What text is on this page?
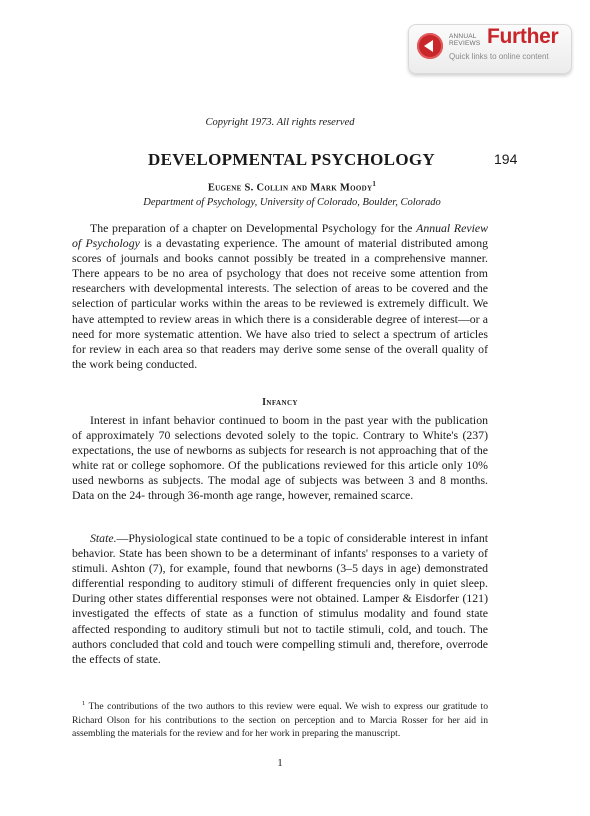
ANNUAL
REVIEWS Further
Quick links to online content
Copyright 1973. All rights reserved
DEVELOPMENTAL PSYCHOLOGY	194
Eugene S. Collin and Mark Moody$^1$
Department of Psychology, University of Colorado, Boulder, Colorado

The preparation of a chapter on Developmental Psychology for the Annual Review of Psychology is a devastating experience. The amount of material distributed among scores of journals and books cannot possibly be treated in a comprehensive manner. There appears to be no area of psychology that does not receive some attention from researchers with developmental interests. The selection of areas to be covered and the selection of particular works within the areas to be reviewed is extremely difficult. We have attempted to review areas in which there is a considerable degree of interest—or a need for more systematic attention. We have also tried to select a spectrum of articles for review in each area so that readers may derive some sense of the overall quality of the work being conducted.

Infancy

Interest in infant behavior continued to boom in the past year with the publication of approximately 70 selections devoted solely to the topic. Contrary to White's (237) expectations, the use of newborns as subjects for research is not approaching that of the white rat or college sophomore. Of the publications reviewed for this article only 10% used newborns as subjects. The modal age of subjects was between 3 and 8 months. Data on the 24- through 36-month age range, however, remained scarce.

State.—Physiological state continued to be a topic of considerable interest in infant behavior. State has been shown to be a determinant of infants' responses to a variety of stimuli. Ashton (7), for example, found that newborns (3–5 days in age) demonstrated differential responding to auditory stimuli of different frequencies only in quiet sleep. During other states differential responses were not obtained. Lamper & Eisdorfer (121) investigated the effects of state as a function of stimulus modality and found state affected responding to auditory stimuli but not to tactile stimuli, cold, and touch. The authors concluded that cold and touch were compelling stimuli and, therefore, overrode the effects of state.

$^1$ The contributions of the two authors to this review were equal. We wish to express our gratitude to Richard Olson for his contributions to the section on perception and to Marcia Rosser for her aid in assembling the materials for the review and for her work in preparing the manuscript.

1
